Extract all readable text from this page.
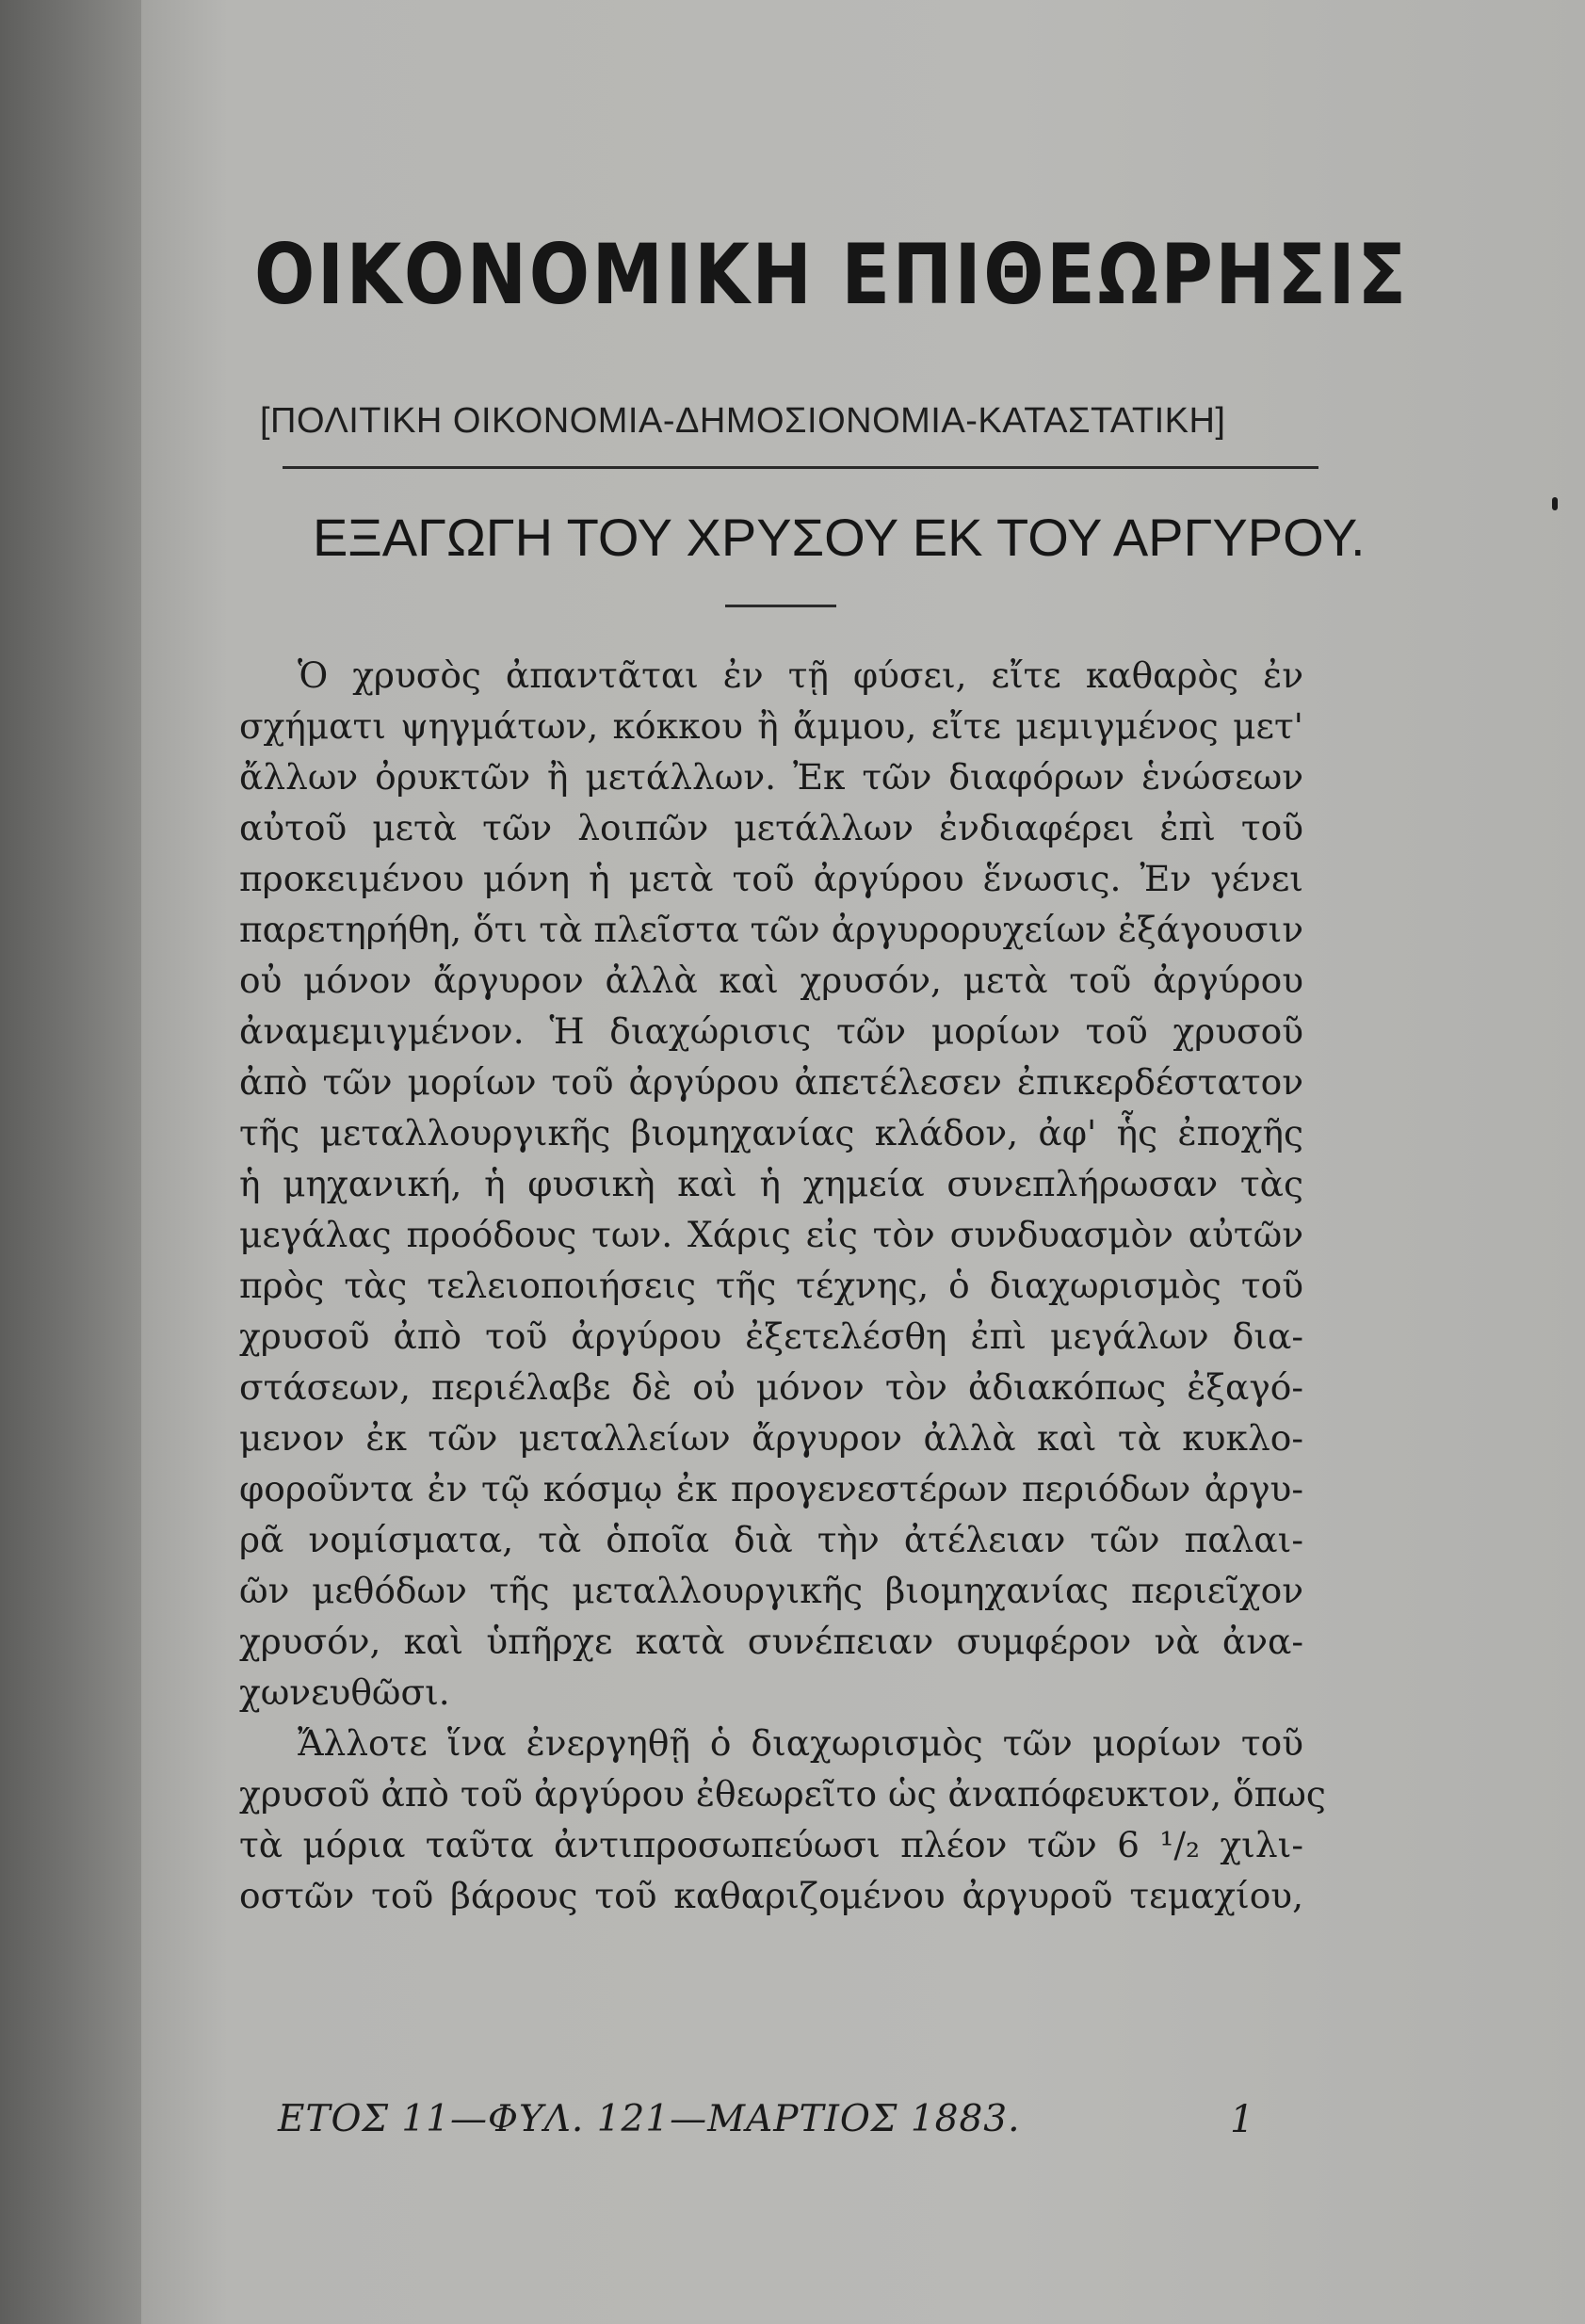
ΟΙΚΟΝΟΜΙΚΗ ΕΠΙΘΕΩΡΗΣΙΣ
[ΠΟΛΙΤΙΚΗ ΟΙΚΟΝΟΜΙΑ-ΔΗΜΟΣΙΟΝΟΜΙΑ-ΚΑΤΑΣΤΑΤΙΚΗ]
ΕΞΑΓΩΓΗ ΤΟΥ ΧΡΥΣΟΥ ΕΚ ΤΟΥ ΑΡΓΥΡΟΥ.
Ὁ χρυσὸς ἀπαντᾶται ἐν τῇ φύσει, εἴτε καθαρὸς ἐν
σχήματι ψηγμάτων, κόκκου ἢ ἄμμου, εἴτε μεμιγμένος μετ'
ἄλλων ὀρυκτῶν ἢ μετάλλων. Ἐκ τῶν διαφόρων ἑνώσεων
αὐτοῦ μετὰ τῶν λοιπῶν μετάλλων ἐνδιαφέρει ἐπὶ τοῦ
προκειμένου μόνη ἡ μετὰ τοῦ ἀργύρου ἕνωσις. Ἐν γένει
παρετηρήθη, ὅτι τὰ πλεῖστα τῶν ἀργυρορυχείων ἐξάγουσιν
οὐ μόνον ἄργυρον ἀλλὰ καὶ χρυσόν, μετὰ τοῦ ἀργύρου
ἀναμεμιγμένον. Ἡ διαχώρισις τῶν μορίων τοῦ χρυσοῦ
ἀπὸ τῶν μορίων τοῦ ἀργύρου ἀπετέλεσεν ἐπικερδέστατον
τῆς μεταλλουργικῆς βιομηχανίας κλάδον, ἀφ' ἧς ἐποχῆς
ἡ μηχανική, ἡ φυσικὴ καὶ ἡ χημεία συνεπλήρωσαν τὰς
μεγάλας προόδους των. Χάρις εἰς τὸν συνδυασμὸν αὐτῶν
πρὸς τὰς τελειοποιήσεις τῆς τέχνης, ὁ διαχωρισμὸς τοῦ
χρυσοῦ ἀπὸ τοῦ ἀργύρου ἐξετελέσθη ἐπὶ μεγάλων δια-
στάσεων, περιέλαβε δὲ οὐ μόνον τὸν ἀδιακόπως ἐξαγό-
μενον ἐκ τῶν μεταλλείων ἄργυρον ἀλλὰ καὶ τὰ κυκλο-
φοροῦντα ἐν τῷ κόσμῳ ἐκ προγενεστέρων περιόδων ἀργυ-
ρᾶ νομίσματα, τὰ ὁποῖα διὰ τὴν ἀτέλειαν τῶν παλαι-
ῶν μεθόδων τῆς μεταλλουργικῆς βιομηχανίας περιεῖχον
χρυσόν, καὶ ὑπῆρχε κατὰ συνέπειαν συμφέρον νὰ ἀνα-
χωνευθῶσι.
Ἄλλοτε ἵνα ἐνεργηθῇ ὁ διαχωρισμὸς τῶν μορίων τοῦ
χρυσοῦ ἀπὸ τοῦ ἀργύρου ἐθεωρεῖτο ὡς ἀναπόφευκτον, ὅπως
τὰ μόρια ταῦτα ἀντιπροσωπεύωσι πλέον τῶν 6 ¹/₂ χιλι-
οστῶν τοῦ βάρους τοῦ καθαριζομένου ἀργυροῦ τεμαχίου,
ΕΤΟΣ 11—ΦΥΛ. 121—ΜΑΡΤΙΟΣ 1883.	1
